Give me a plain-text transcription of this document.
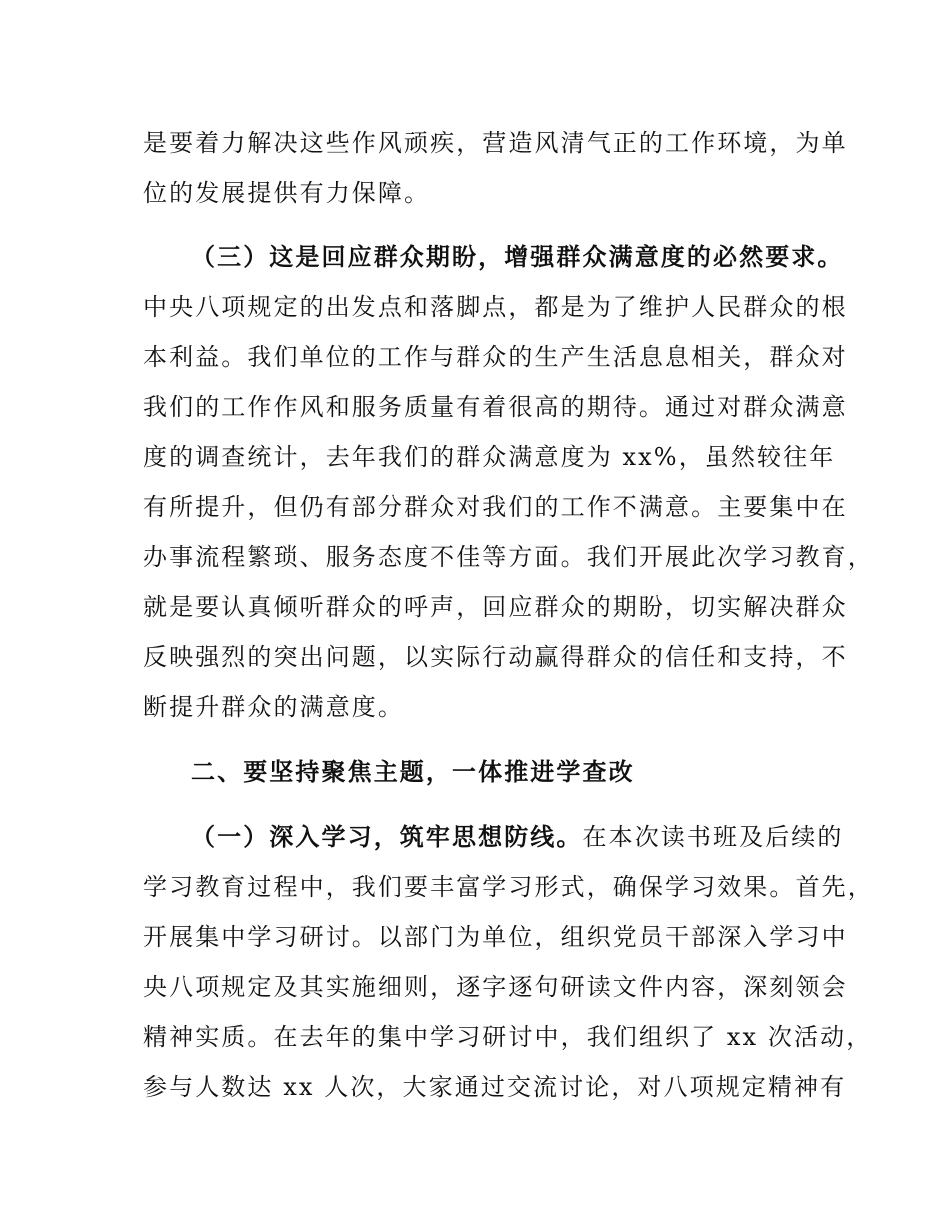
是要着力解决这些作风顽疾，营造风清气正的工作环境，为单

位的发展提供有力保障。

（三）这是回应群众期盼，增强群众满意度的必然要求。

中央八项规定的出发点和落脚点，都是为了维护人民群众的根

本利益。我们单位的工作与群众的生产生活息息相关，群众对

我们的工作作风和服务质量有着很高的期待。通过对群众满意

度的调查统计，去年我们的群众满意度为 xx%，虽然较往年

有所提升，但仍有部分群众对我们的工作不满意。主要集中在

办事流程繁琐、服务态度不佳等方面。我们开展此次学习教育，

就是要认真倾听群众的呼声，回应群众的期盼，切实解决群众

反映强烈的突出问题，以实际行动赢得群众的信任和支持，不

断提升群众的满意度。

二、要坚持聚焦主题，一体推进学查改

（一）深入学习，筑牢思想防线。在本次读书班及后续的

学习教育过程中，我们要丰富学习形式，确保学习效果。首先，

开展集中学习研讨。以部门为单位，组织党员干部深入学习中

央八项规定及其实施细则，逐字逐句研读文件内容，深刻领会

精神实质。在去年的集中学习研讨中，我们组织了 xx 次活动，

参与人数达 xx 人次，大家通过交流讨论，对八项规定精神有
